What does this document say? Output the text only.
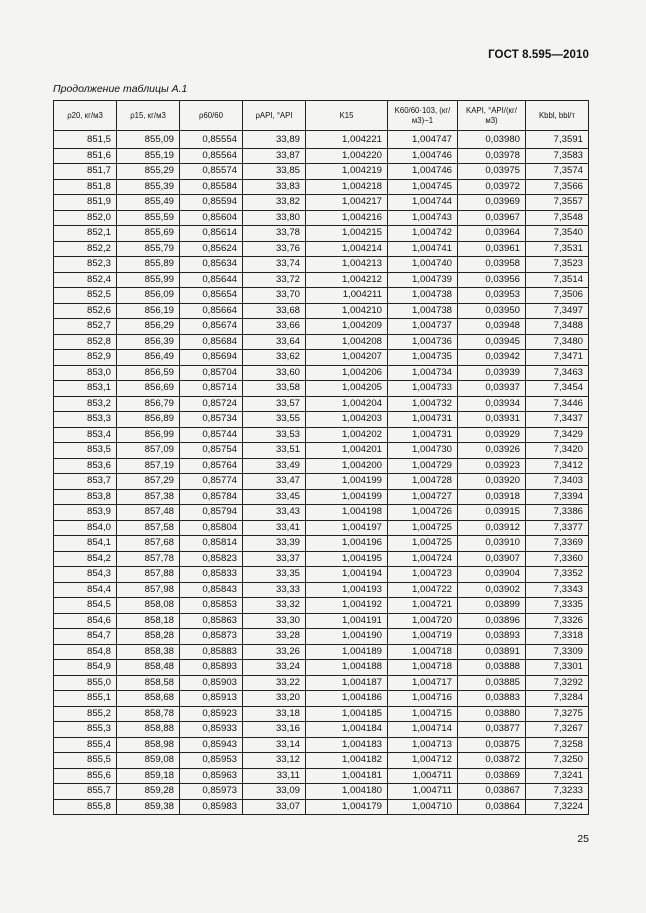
ГОСТ 8.595—2010
Продолжение таблицы А.1
ρ20, кг/м3	ρ15, кг/м3	ρ60/60	ρAPI, °API	K15	K60/60·103, (кг/м3)−1	KAPI, °API/(кг/м3)	Kbbl, bbl/т
851,5	855,09	0,85554	33,89	1,004221	1,004747	0,03980	7,3591
851,6	855,19	0,85564	33,87	1,004220	1,004746	0,03978	7,3583
851,7	855,29	0,85574	33,85	1,004219	1,004746	0,03975	7,3574
851,8	855,39	0,85584	33,83	1,004218	1,004745	0,03972	7,3566
851,9	855,49	0,85594	33,82	1,004217	1,004744	0,03969	7,3557
852,0	855,59	0,85604	33,80	1,004216	1,004743	0,03967	7,3548
852,1	855,69	0,85614	33,78	1,004215	1,004742	0,03964	7,3540
852,2	855,79	0,85624	33,76	1,004214	1,004741	0,03961	7,3531
852,3	855,89	0,85634	33,74	1,004213	1,004740	0,03958	7,3523
852,4	855,99	0,85644	33,72	1,004212	1,004739	0,03956	7,3514
852,5	856,09	0,85654	33,70	1,004211	1,004738	0,03953	7,3506
852,6	856,19	0,85664	33,68	1,004210	1,004738	0,03950	7,3497
852,7	856,29	0,85674	33,66	1,004209	1,004737	0,03948	7,3488
852,8	856,39	0,85684	33,64	1,004208	1,004736	0,03945	7,3480
852,9	856,49	0,85694	33,62	1,004207	1,004735	0,03942	7,3471
853,0	856,59	0,85704	33,60	1,004206	1,004734	0,03939	7,3463
853,1	856,69	0,85714	33,58	1,004205	1,004733	0,03937	7,3454
853,2	856,79	0,85724	33,57	1,004204	1,004732	0,03934	7,3446
853,3	856,89	0,85734	33,55	1,004203	1,004731	0,03931	7,3437
853,4	856,99	0,85744	33,53	1,004202	1,004731	0,03929	7,3429
853,5	857,09	0,85754	33,51	1,004201	1,004730	0,03926	7,3420
853,6	857,19	0,85764	33,49	1,004200	1,004729	0,03923	7,3412
853,7	857,29	0,85774	33,47	1,004199	1,004728	0,03920	7,3403
853,8	857,38	0,85784	33,45	1,004199	1,004727	0,03918	7,3394
853,9	857,48	0,85794	33,43	1,004198	1,004726	0,03915	7,3386
854,0	857,58	0,85804	33,41	1,004197	1,004725	0,03912	7,3377
854,1	857,68	0,85814	33,39	1,004196	1,004725	0,03910	7,3369
854,2	857,78	0,85823	33,37	1,004195	1,004724	0,03907	7,3360
854,3	857,88	0,85833	33,35	1,004194	1,004723	0,03904	7,3352
854,4	857,98	0,85843	33,33	1,004193	1,004722	0,03902	7,3343
854,5	858,08	0,85853	33,32	1,004192	1,004721	0,03899	7,3335
854,6	858,18	0,85863	33,30	1,004191	1,004720	0,03896	7,3326
854,7	858,28	0,85873	33,28	1,004190	1,004719	0,03893	7,3318
854,8	858,38	0,85883	33,26	1,004189	1,004718	0,03891	7,3309
854,9	858,48	0,85893	33,24	1,004188	1,004718	0,03888	7,3301
855,0	858,58	0,85903	33,22	1,004187	1,004717	0,03885	7,3292
855,1	858,68	0,85913	33,20	1,004186	1,004716	0,03883	7,3284
855,2	858,78	0,85923	33,18	1,004185	1,004715	0,03880	7,3275
855,3	858,88	0,85933	33,16	1,004184	1,004714	0,03877	7,3267
855,4	858,98	0,85943	33,14	1,004183	1,004713	0,03875	7,3258
855,5	859,08	0,85953	33,12	1,004182	1,004712	0,03872	7,3250
855,6	859,18	0,85963	33,11	1,004181	1,004711	0,03869	7,3241
855,7	859,28	0,85973	33,09	1,004180	1,004711	0,03867	7,3233
855,8	859,38	0,85983	33,07	1,004179	1,004710	0,03864	7,3224
25
